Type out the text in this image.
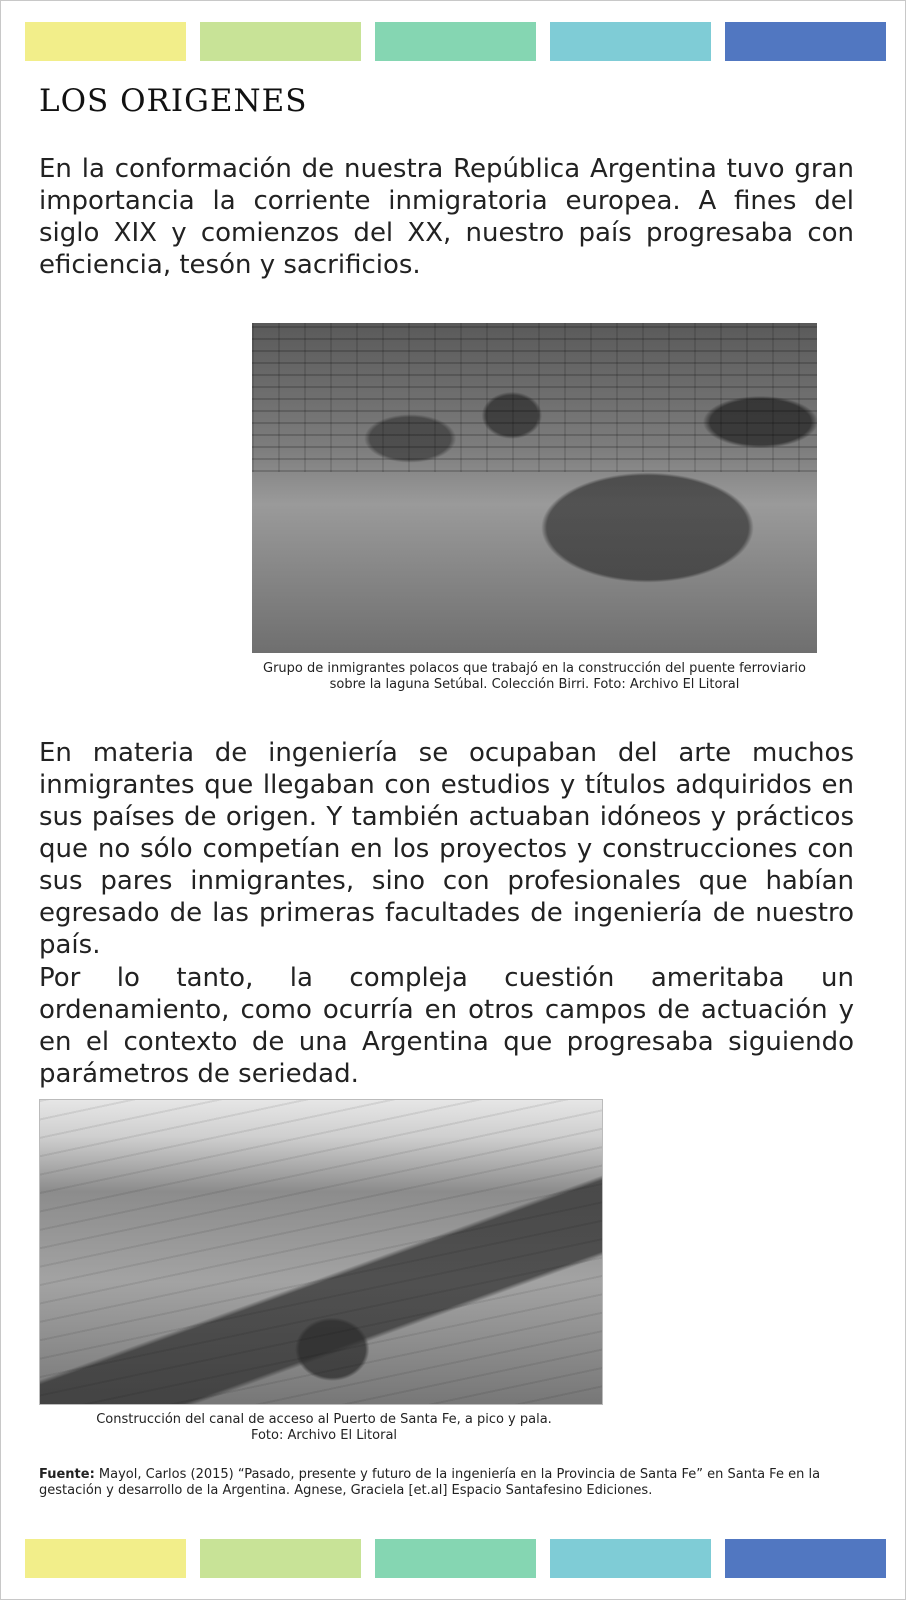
LOS ORIGENES

En la conformación de nuestra República Argentina tuvo gran importancia la corriente inmigratoria europea. A fines del siglo XIX y comienzos del XX, nuestro país progresaba con eficiencia, tesón y sacrificios.

Grupo de inmigrantes polacos que trabajó en la construcción del puente ferroviario
sobre la laguna Setúbal. Colección Birri. Foto: Archivo El Litoral

En materia de ingeniería se ocupaban del arte muchos inmigrantes que llegaban con estudios y títulos adquiridos en sus países de origen. Y también actuaban idóneos y prácticos que no sólo competían en los proyectos y construcciones con sus pares inmigrantes, sino con profesionales que habían egresado de las primeras facultades de ingeniería de nuestro país.

Por lo tanto, la compleja cuestión ameritaba un ordenamiento, como ocurría en otros campos de actuación y en el contexto de una Argentina que progresaba siguiendo parámetros de seriedad.

Construcción del canal de acceso al Puerto de Santa Fe, a pico y pala.
Foto: Archivo El Litoral

Fuente: Mayol, Carlos (2015) “Pasado, presente y futuro de la ingeniería en la Provincia de Santa Fe” en Santa Fe en la gestación y desarrollo de la Argentina. Agnese, Graciela [et.al] Espacio Santafesino Ediciones.
